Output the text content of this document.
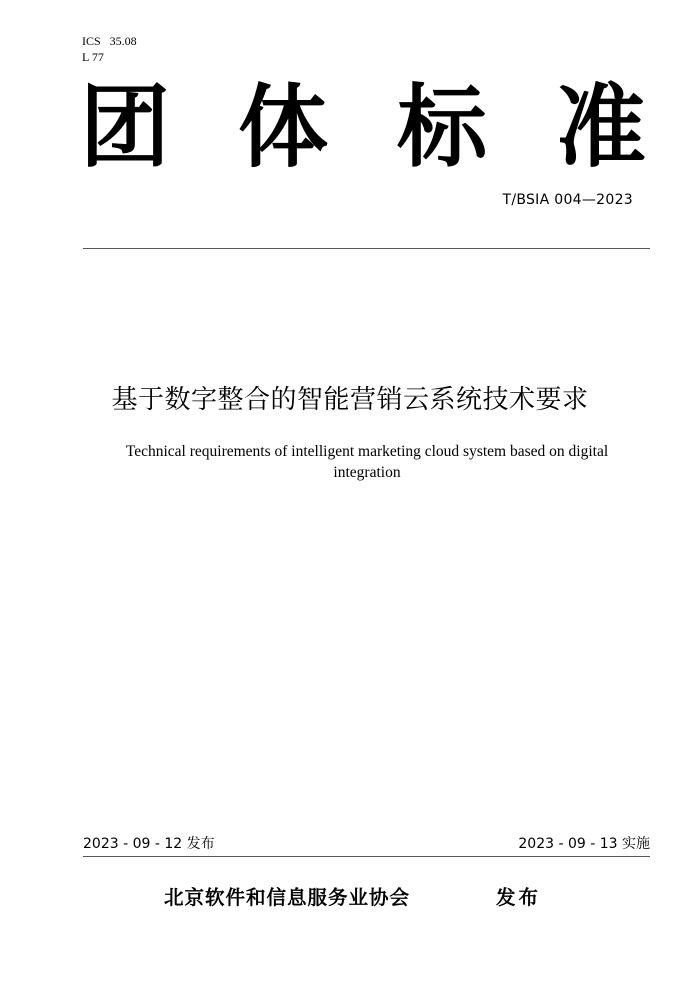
ICS   35.08
L 77
团 体 标 准
T/BSIA 004—2023
基于数字整合的智能营销云系统技术要求
Technical requirements of intelligent marketing cloud system based on digital
integration
2023 - 09 - 12 发布	2023 - 09 - 13 实施
北京软件和信息服务业协会	发布
